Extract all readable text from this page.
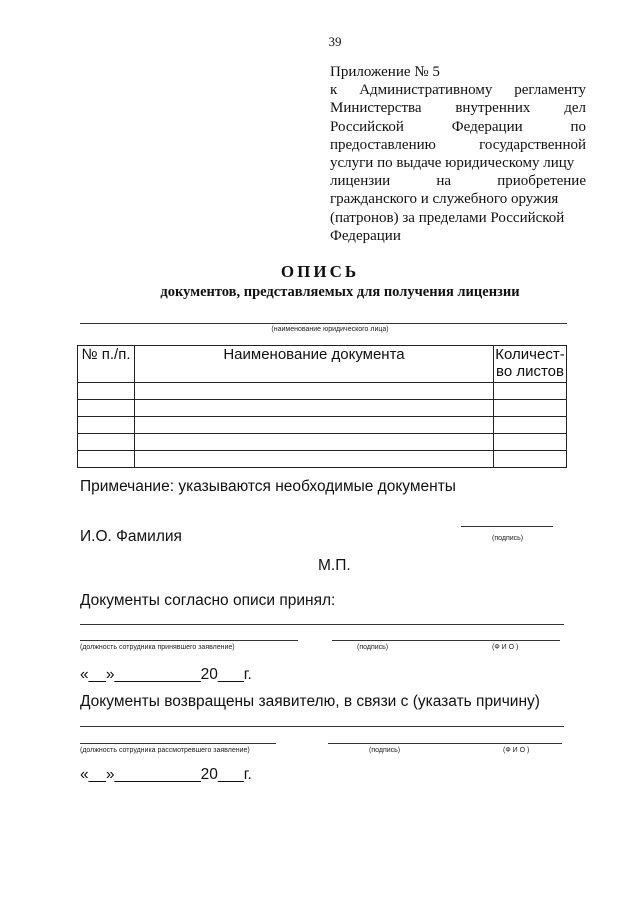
39
Приложение № 5
к Административному регламенту
Министерства внутренних дел
Российской	Федерации	по
предоставлению	государственной
услуги по выдаче юридическому лицу
лицензии	на	приобретение
гражданского и служебного оружия
(патронов) за пределами Российской
Федерации
ОПИСЬ
документов, представляемых для получения лицензии
(наименование юридического лица)
№ п./п.	Наименование документа	Количест-
во листов

Примечание: указываются необходимые документы
И.О. Фамилия	(подпись)
М.П.
Документы согласно описи принял:
(должность сотрудника принявшего заявление)	(подпись)	(Ф И О )
«__»__________20___г.
Документы возвращены заявителю, в связи с (указать причину)
(должность сотрудника рассмотревшего заявление)	(подпись)	(Ф И О )
«__»__________20___г.
